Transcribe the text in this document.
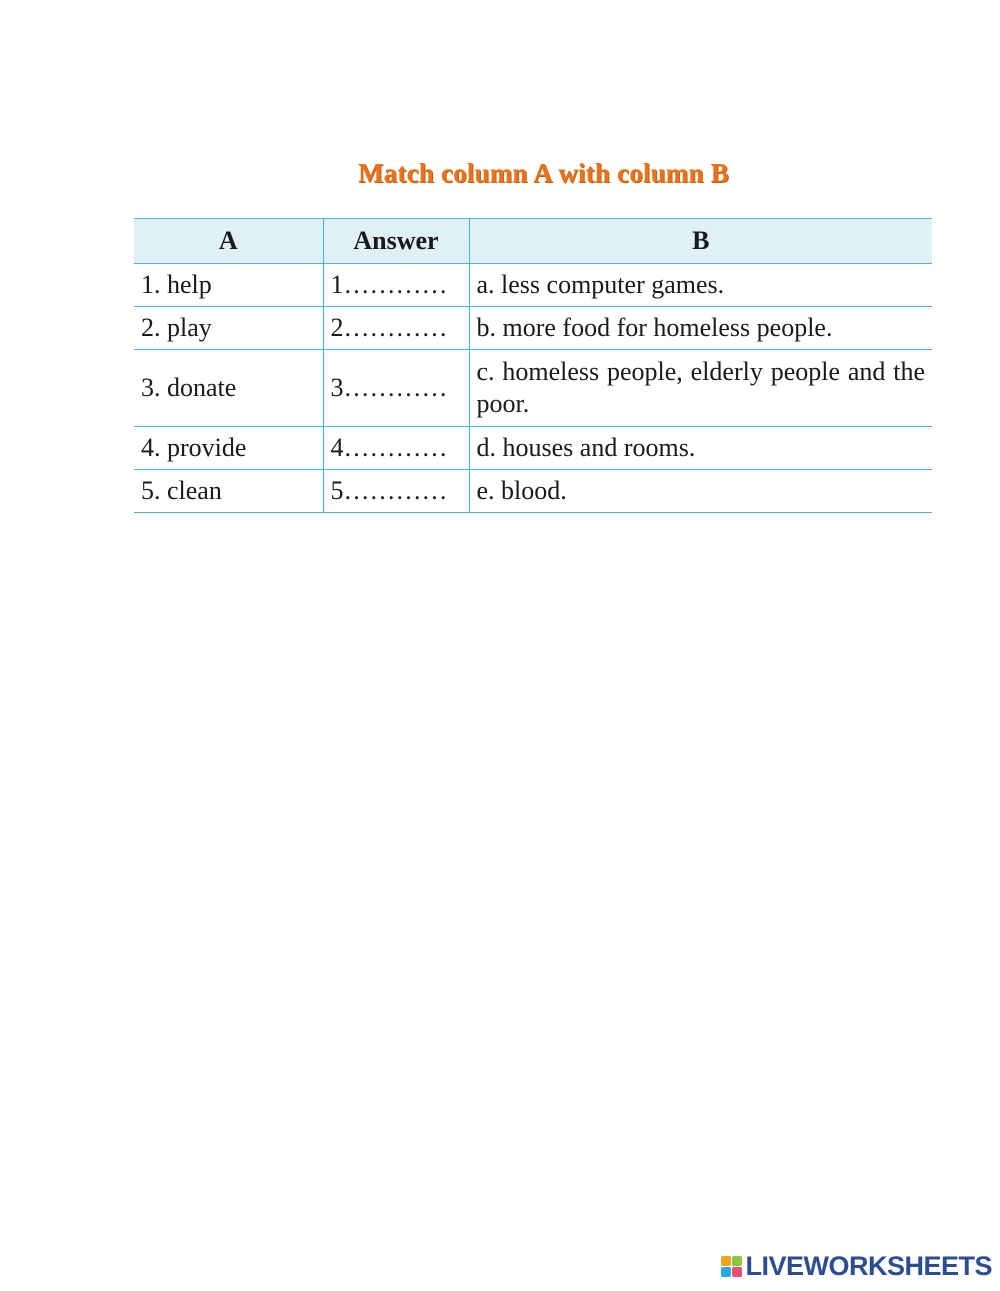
Match column A with column B
A	Answer	B
1. help	1…………	a. less computer games.
2. play	2…………	b. more food for homeless people.
3. donate	3…………	c. homeless people, elderly people and the poor.
4. provide	4…………	d. houses and rooms.
5. clean	5…………	e. blood.
LIVEWORKSHEETS
